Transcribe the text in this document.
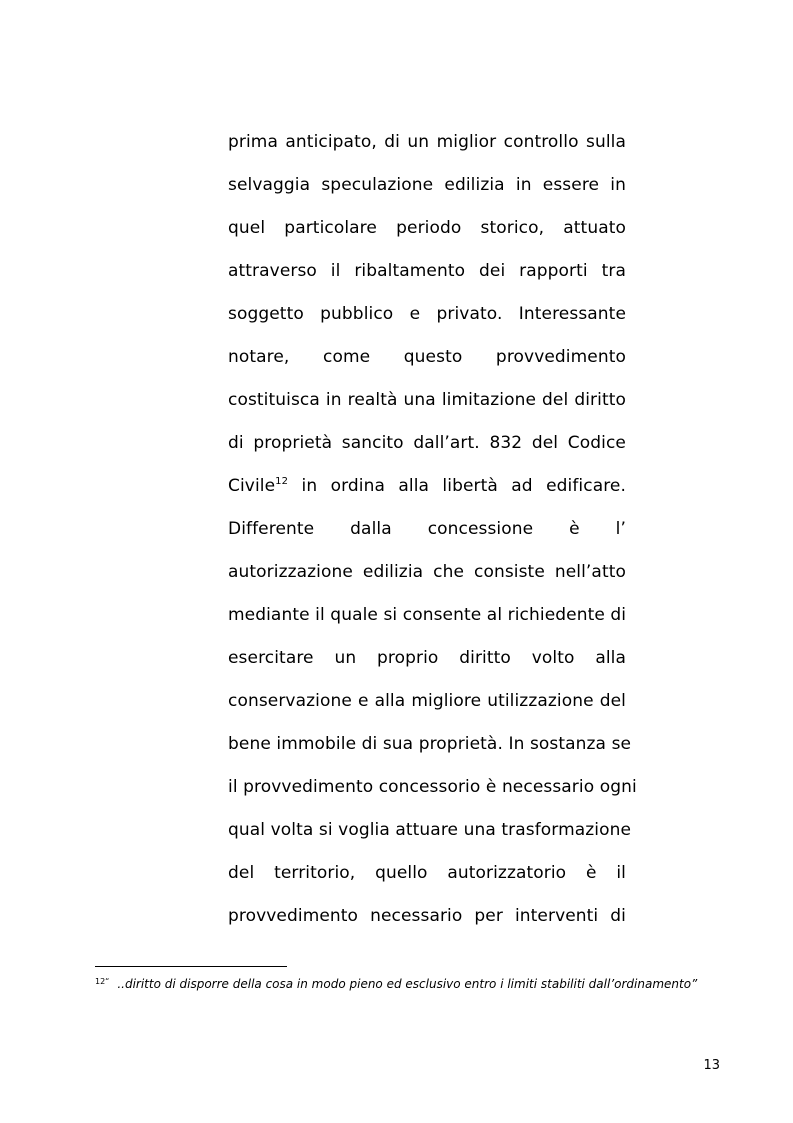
prima anticipato, di un miglior controllo sulla
selvaggia speculazione edilizia in essere in
quel particolare periodo storico, attuato
attraverso il ribaltamento dei rapporti tra
soggetto pubblico e privato. Interessante
notare, come questo provvedimento
costituisca in realtà una limitazione del diritto
di proprietà sancito dall’art. 832 del Codice
Civile$^{12}$ in ordina alla libertà ad edificare.
Differente dalla concessione è l’
autorizzazione edilizia che consiste nell’atto
mediante il quale si consente al richiedente di
esercitare un proprio diritto volto alla
conservazione e alla migliore utilizzazione del
bene immobile di sua proprietà. In sostanza se
il provvedimento concessorio è necessario ogni
qual volta si voglia attuare una trasformazione
del territorio, quello autorizzatorio è il
provvedimento necessario per interventi di
$^{12“}$ ..diritto di disporre della cosa in modo pieno ed esclusivo entro i limiti stabiliti dall’ordinamento”
13
